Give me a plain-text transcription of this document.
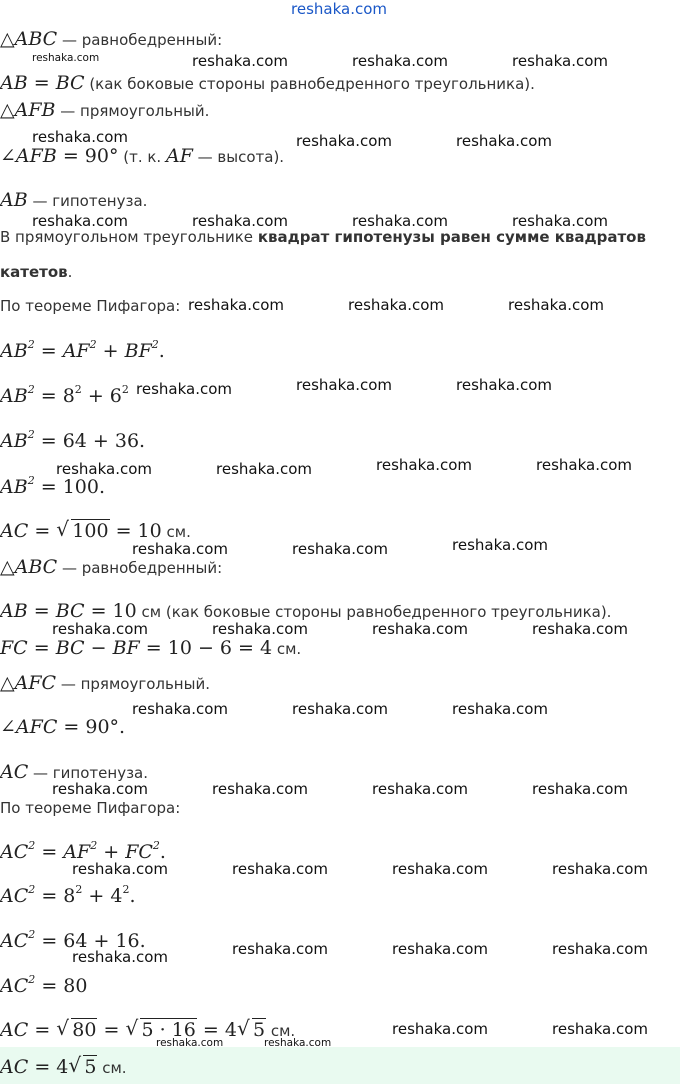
reshaka.com
△ABC — равнобедренный:
AB = BC (как боковые стороны равнобедренного треугольника).
△AFB — прямоугольный.
∠AFB = 90° (т. к. AF — высота).
AB — гипотенуза.
В прямоугольном треугольнике квадрат гипотенузы равен сумме квадратов
катетов.
По теореме Пифагора:
$AB^2 = AF^2 + BF^2$.
$AB^2 = 8^2 + 6^2$
$AB^2 = 64 + 36$.
$AB^2 = 100$.
AC = √ 100 = 10 см.
△ABC — равнобедренный:
AB = BC = 10 см (как боковые стороны равнобедренного треугольника).
FC = BC − BF = 10 − 6 = 4 см.
△AFC — прямоугольный.
∠AFC = 90°.
AC — гипотенуза.
По теореме Пифагора:
$AC^2 = AF^2 + FC^2$.
$AC^2 = 8^2 + 4^2$.
$AC^2 = 64 + 16$.
$AC^2 = 80$
AC = √ 80 = √ 5 · 16 = 4 √ 5 см.
AC = 4 √ 5 см.
reshaka.com	reshaka.com	reshaka.com	reshaka.com
reshaka.com	reshaka.com	reshaka.com
reshaka.com	reshaka.com	reshaka.com	reshaka.com
reshaka.com	reshaka.com	reshaka.com
reshaka.com	reshaka.com	reshaka.com
reshaka.com	reshaka.com	reshaka.com	reshaka.com
reshaka.com	reshaka.com	reshaka.com
reshaka.com	reshaka.com	reshaka.com	reshaka.com
reshaka.com	reshaka.com	reshaka.com
reshaka.com	reshaka.com	reshaka.com	reshaka.com
reshaka.com	reshaka.com	reshaka.com	reshaka.com
reshaka.com	reshaka.com	reshaka.com	reshaka.com
reshaka.com	reshaka.com
reshaka.com	reshaka.com
